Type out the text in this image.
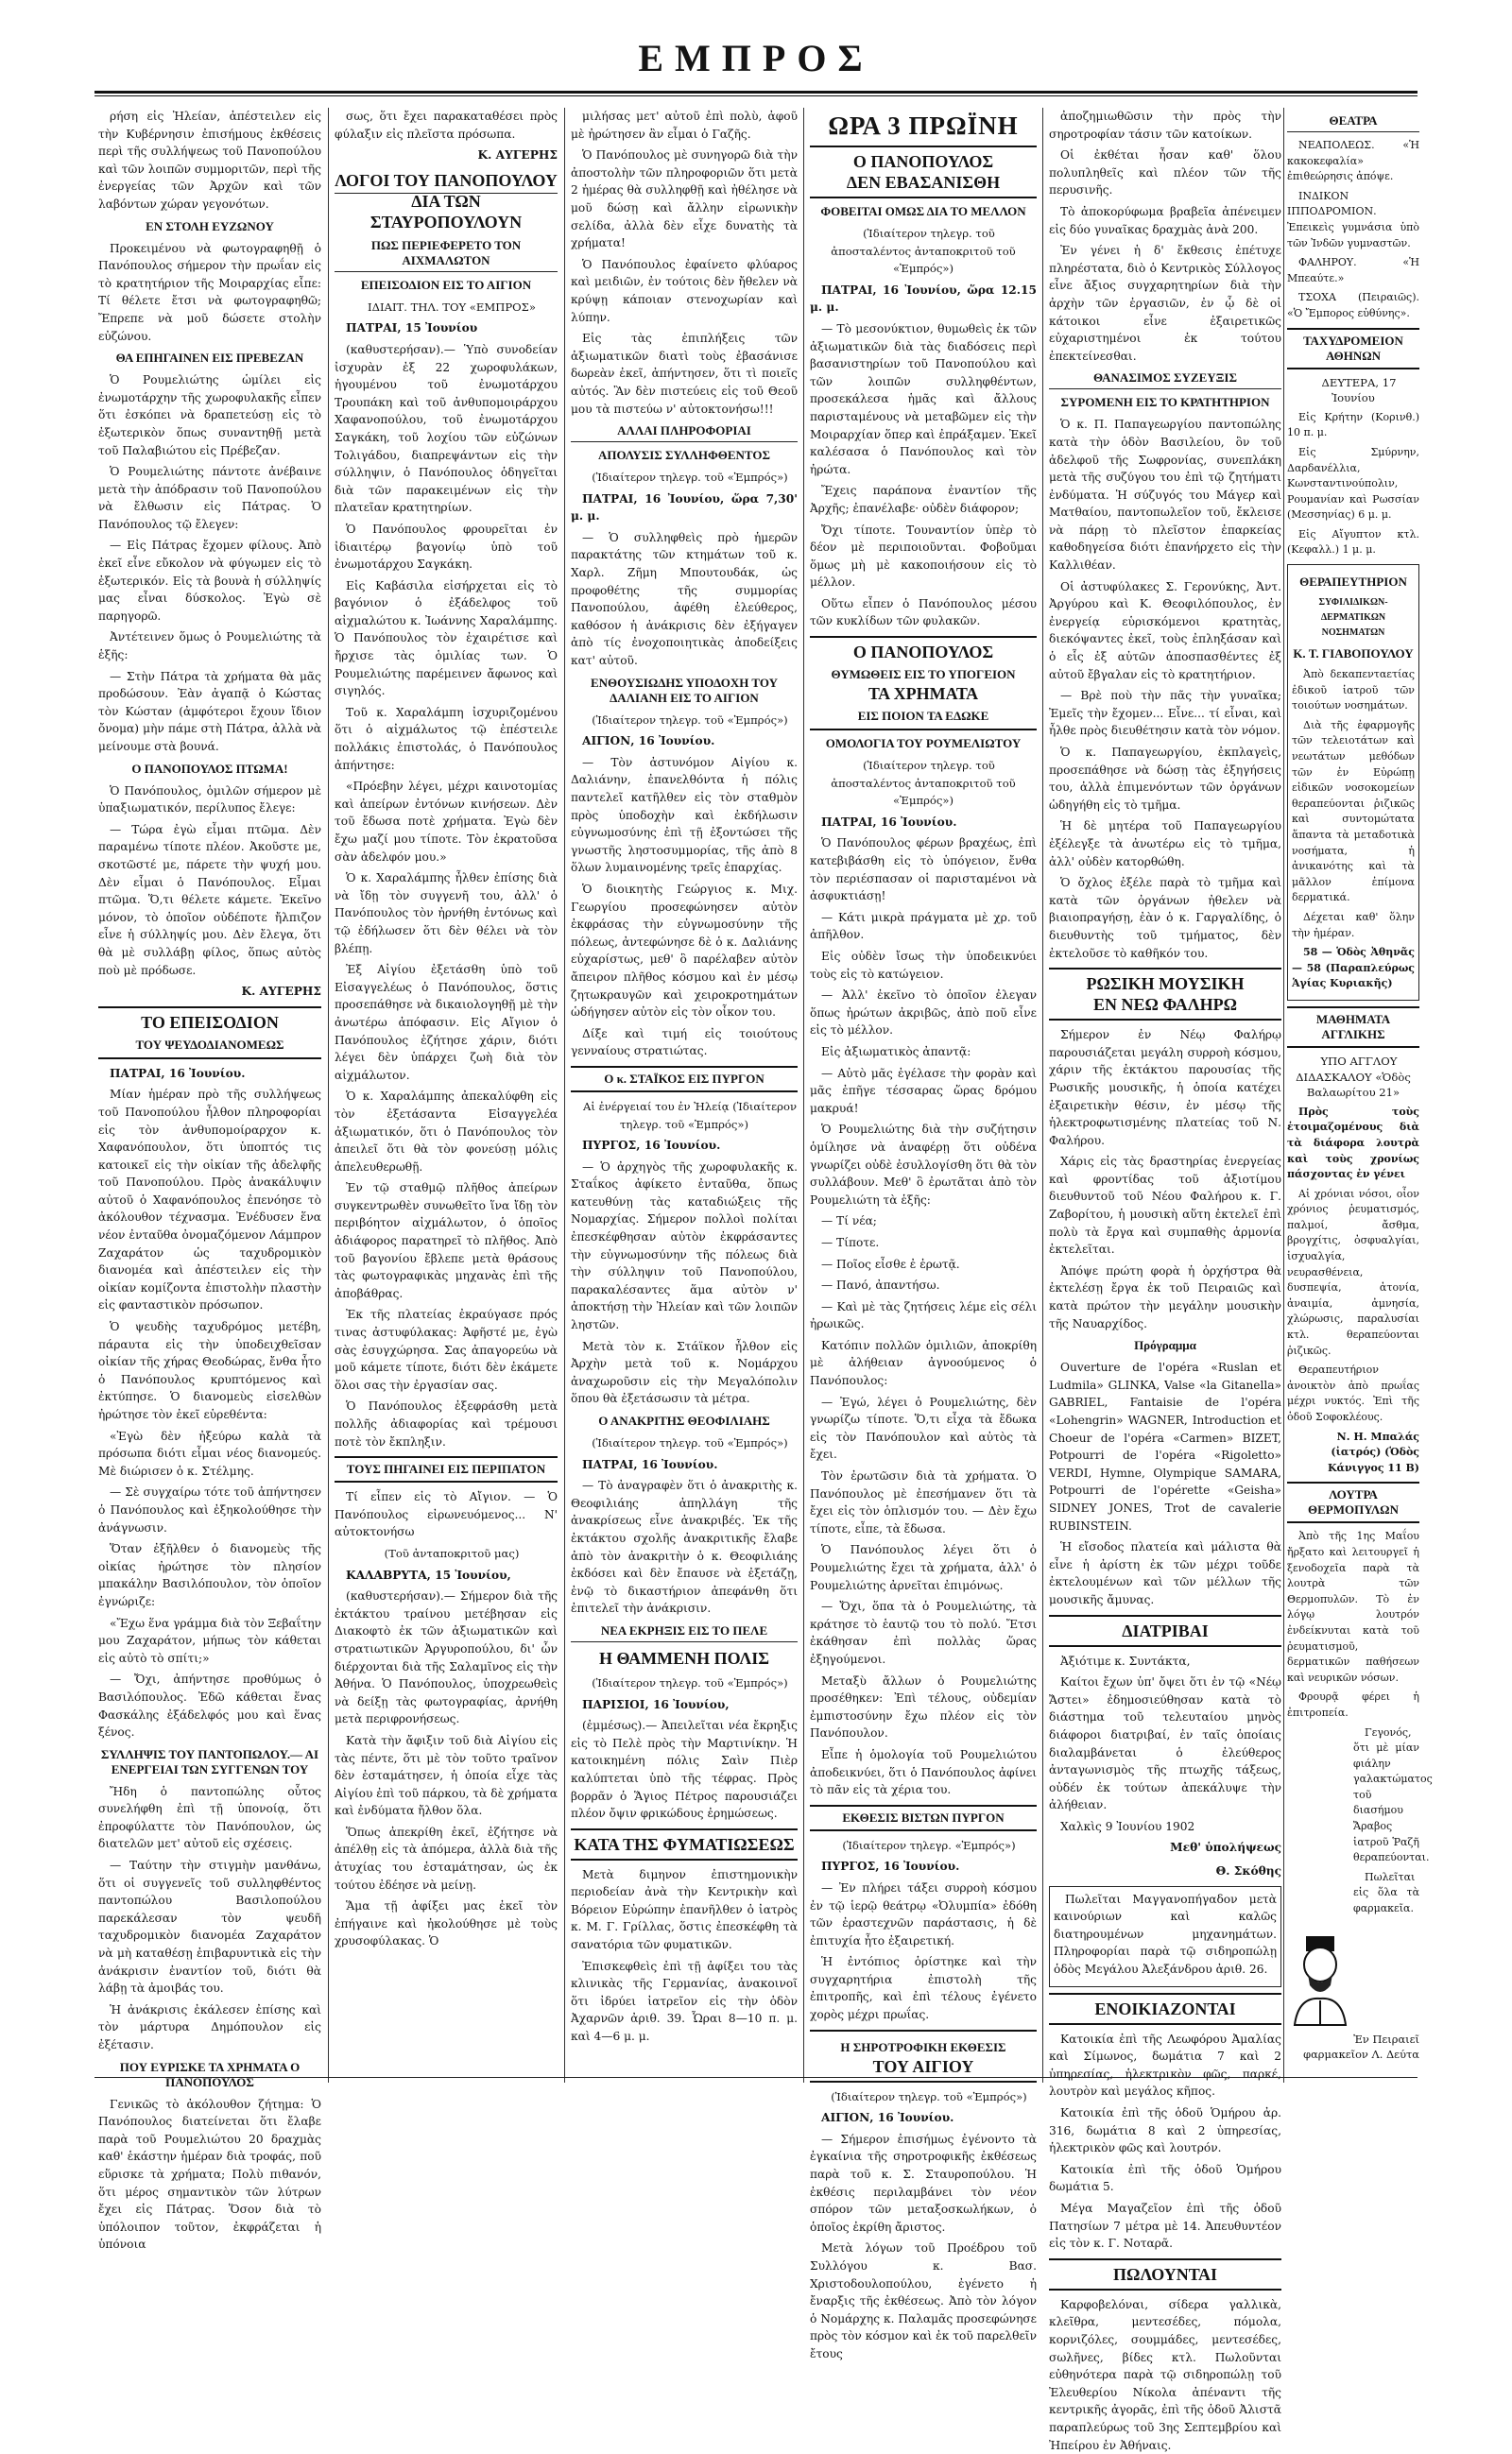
ΕΜΠΡΟΣ

ρήση εἰς Ἠλείαν, ἀπέστειλεν εἰς τὴν Κυβέρνησιν ἐπισήμους ἐκθέσεις περὶ τῆς συλλήψεως τοῦ Πανοπούλου καὶ τῶν λοιπῶν συμμοριτῶν, περὶ τῆς ἐνεργείας τῶν Ἀρχῶν καὶ τῶν λαβόντων χώραν γεγονότων.

ΕΝ ΣΤΟΛΗ ΕΥΖΩΝΟΥ

Προκειμένου νὰ φωτογραφηθῇ ὁ Πανόπουλος σήμερον τὴν πρωΐαν εἰς τὸ κρατητήριον τῆς Μοιραρχίας εἶπε: Τί θέλετε ἔτσι νὰ φωτογραφηθῶ; Ἔπρεπε νὰ μοῦ δώσετε στολὴν εὐζώνου.

ΘΑ ΕΠΗΓΑΙΝΕΝ ΕΙΣ ΠΡΕΒΕΖΑΝ

Ὁ Ρουμελιώτης ὡμίλει εἰς ἐνωμοτάρχην τῆς χωροφυλακῆς εἶπεν ὅτι ἐσκόπει νὰ δραπετεύσῃ εἰς τὸ ἐξωτερικὸν ὅπως συναντηθῇ μετὰ τοῦ Παλαβιώτου εἰς Πρέβεζαν.

Ὁ Ρουμελιώτης πάντοτε ἀνέβαινε μετὰ τὴν ἀπόδρασιν τοῦ Πανοπούλου νὰ ἔλθωσιν εἰς Πάτρας. Ὁ Πανόπουλος τῷ ἔλεγεν:

— Εἰς Πάτρας ἔχομεν φίλους. Ἀπὸ ἐκεῖ εἶνε εὔκολον νὰ φύγωμεν εἰς τὸ ἐξωτερικόν. Εἰς τὰ βουνὰ ἡ σύλληψίς μας εἶναι δύσκολος. Ἐγὼ σὲ παρηγορῶ.

Ἀντέτεινεν ὅμως ὁ Ρουμελιώτης τὰ ἑξῆς:

— Στὴν Πάτρα τὰ χρήματα θὰ μᾶς προδώσουν. Ἐὰν ἀγαπᾷ ὁ Κώστας τὸν Κώσταν (ἀμφότεροι ἔχουν ἴδιον ὄνομα) μὴν πάμε στὴ Πάτρα, ἀλλὰ νὰ μείνουμε στὰ βουνά.

Ο ΠΑΝΟΠΟΥΛΟΣ ΠΤΩΜΑ!

Ὁ Πανόπουλος, ὁμιλῶν σήμερον μὲ ὑπαξιωματικόν, περίλυπος ἔλεγε:

— Τώρα ἐγὼ εἶμαι πτῶμα. Δὲν παραμένω τίποτε πλέον. Ἀκοῦστε με, σκοτῶστέ με, πάρετε τὴν ψυχή μου. Δὲν εἶμαι ὁ Πανόπουλος. Εἶμαι πτῶμα. Ὅ,τι θέλετε κάμετε. Ἐκεῖνο μόνον, τὸ ὁποῖον οὐδέποτε ἤλπιζον εἶνε ἡ σύλληψίς μου. Δὲν ἔλεγα, ὅτι θὰ μὲ συλλάβῃ φίλος, ὅπως αὐτὸς ποὺ μὲ πρόδωσε.

Κ. ΑΥΓΕΡΗΣ

ΤΟ ΕΠΕΙΣΟΔΙΟΝ
ΤΟΥ ΨΕΥΔΟΔΙΑΝΟΜΕΩΣ

ΠΑΤΡΑΙ, 16 Ἰουνίου.

Μίαν ἡμέραν πρὸ τῆς συλλήψεως τοῦ Πανοπούλου ἦλθον πληροφορίαι εἰς τὸν ἀνθυπομοίραρχον κ. Χαφανόπουλον, ὅτι ὑποπτός τις κατοικεῖ εἰς τὴν οἰκίαν τῆς ἀδελφῆς τοῦ Πανοπούλου. Πρὸς ἀνακάλυψιν αὐτοῦ ὁ Χαφανόπουλος ἐπενόησε τὸ ἀκόλουθον τέχνασμα. Ἐνέδυσεν ἕνα νέον ἐνταῦθα ὀνομαζόμενον Λάμπρον Ζαχαράτον ὡς ταχυδρομικὸν διανομέα καὶ ἀπέστειλεν εἰς τὴν οἰκίαν κομίζοντα ἐπιστολὴν πλαστὴν εἰς φανταστικὸν πρόσωπον.

Ὁ ψευδὴς ταχυδρόμος μετέβη, πάραυτα εἰς τὴν ὑποδειχθεῖσαν οἰκίαν τῆς χήρας Θεοδώρας, ἔνθα ἦτο ὁ Πανόπουλος κρυπτόμενος καὶ ἐκτύπησε. Ὁ διανομεὺς εἰσελθὼν ἠρώτησε τὸν ἐκεῖ εὑρεθέντα:

«Ἐγὼ δὲν ἠξεύρω καλὰ τὰ πρόσωπα διότι εἶμαι νέος διανομεύς. Μὲ διώρισεν ὁ κ. Στέλμης.

— Σὲ συγχαίρω τότε τοῦ ἀπήντησεν ὁ Πανόπουλος καὶ ἐξηκολούθησε τὴν ἀνάγνωσιν.

Ὅταν ἐξῆλθεν ὁ διανομεὺς τῆς οἰκίας ἠρώτησε τὸν πλησίον μπακάλην Βασιλόπουλον, τὸν ὁποῖον ἐγνώριζε:

«Ἔχω ἕνα γράμμα διὰ τὸν Ξεβαΐτην μου Ζαχαράτον, μήπως τὸν κάθεται εἰς αὐτὸ τὸ σπίτι;»

— Ὄχι, ἀπήντησε προθύμως ὁ Βασιλόπουλος. Ἐδῶ κάθεται ἕνας Φασκάλης ἐξάδελφός μου καὶ ἕνας ξένος.

ΣΥΛΛΗΨΙΣ ΤΟΥ ΠΑΝΤΟΠΩΛΟΥ.— ΑΙ ΕΝΕΡΓΕΙΑΙ ΤΩΝ ΣΥΓΓΕΝΩΝ ΤΟΥ

Ἤδη ὁ παντοπώλης οὗτος συνελήφθη ἐπὶ τῇ ὑπονοίᾳ, ὅτι ἐπροφύλαττε τὸν Πανόπουλον, ὡς διατελῶν μετ' αὐτοῦ εἰς σχέσεις.

— Ταύτην τὴν στιγμὴν μανθάνω, ὅτι οἱ συγγενεῖς τοῦ συλληφθέντος παντοπώλου Βασιλοπούλου παρεκάλεσαν τὸν ψευδῆ ταχυδρομικὸν διανομέα Ζαχαράτον νὰ μὴ καταθέσῃ ἐπιβαρυντικὰ εἰς τὴν ἀνάκρισιν ἐναντίον τοῦ, διότι θὰ λάβῃ τὰ ἀμοιβάς του.

Ἡ ἀνάκρισις ἐκάλεσεν ἐπίσης καὶ τὸν μάρτυρα Δημόπουλον εἰς ἐξέτασιν.

ΠΟΥ ΕΥΡΙΣΚΕ ΤΑ ΧΡΗΜΑΤΑ Ο ΠΑΝΟΠΟΥΛΟΣ

Γενικῶς τὸ ἀκόλουθον ζήτημα: Ὁ Πανόπουλος διατείνεται ὅτι ἔλαβε παρὰ τοῦ Ρουμελιώτου 20 δραχμὰς καθ' ἑκάστην ἡμέραν διὰ τροφάς, ποῦ εὕρισκε τὰ χρήματα; Πολὺ πιθανόν, ὅτι μέρος σημαντικὸν τῶν λύτρων ἔχει εἰς Πάτρας. Ὅσον διὰ τὸ ὑπόλοιπον τοῦτον, ἐκφράζεται ἡ ὑπόνοια

σως, ὅτι ἔχει παρακαταθέσει πρὸς φύλαξιν εἰς πλεῖστα πρόσωπα.

Κ. ΑΥΓΕΡΗΣ

ΛΟΓΟΙ ΤΟΥ ΠΑΝΟΠΟΥΛΟΥ
ΔΙΑ ΤΩΝ ΣΤΑΥΡΟΠΟΥΛΟΥΝ
ΠΩΣ ΠΕΡΙΕΦΕΡΕΤΟ ΤΟΝ ΑΙΧΜΑΛΩΤΟΝ
ΕΠΕΙΣΟΔΙΟΝ ΕΙΣ ΤΟ ΑΙΓΙΟΝ

ΙΔΙΑΙΤ. ΤΗΛ. ΤΟΥ «ΕΜΠΡΟΣ»

ΠΑΤΡΑΙ, 15 Ἰουνίου

(καθυστερήσαν).— Ὑπὸ συνοδείαν ἰσχυρὰν ἐξ 22 χωροφυλάκων, ἡγουμένου τοῦ ἐνωμοτάρχου Τρουπάκη καὶ τοῦ ἀνθυπομοιράρχου Χαφανοπούλου, τοῦ ἐνωμοτάρχου Σαγκάκη, τοῦ λοχίου τῶν εὐζώνων Τολιγάδου, διαπρεψάντων εἰς τὴν σύλληψιν, ὁ Πανόπουλος ὁδηγεῖται διὰ τῶν παρακειμένων εἰς τὴν πλατεῖαν κρατητηρίων.

Ὁ Πανόπουλος φρουρεῖται ἐν ἰδιαιτέρῳ βαγονίῳ ὑπὸ τοῦ ἐνωμοτάρχου Σαγκάκη.

Εἰς Καβάσιλα εἰσήρχεται εἰς τὸ βαγόνιον ὁ ἐξάδελφος τοῦ αἰχμαλώτου κ. Ἰωάννης Χαραλάμπης. Ὁ Πανόπουλος τὸν ἐχαιρέτισε καὶ ἤρχισε τὰς ὁμιλίας των. Ὁ Ρουμελιώτης παρέμεινεν ἄφωνος καὶ σιγηλός.

Τοῦ κ. Χαραλάμπη ἰσχυριζομένου ὅτι ὁ αἰχμάλωτος τῷ ἐπέστειλε πολλάκις ἐπιστολάς, ὁ Πανόπουλος ἀπήντησε:

«Πρόεβην λέγει, μέχρι καινοτομίας καὶ ἀπείρων ἐντόνων κινήσεων. Δὲν τοῦ ἔδωσα ποτὲ χρήματα. Ἐγὼ δὲν ἔχω μαζί μου τίποτε. Τὸν ἐκρατοῦσα σὰν ἀδελφόν μου.»

Ὁ κ. Χαραλάμπης ἦλθεν ἐπίσης διὰ νὰ ἴδῃ τὸν συγγενῆ του, ἀλλ' ὁ Πανόπουλος τὸν ἠρνήθη ἐντόνως καὶ τῷ ἐδήλωσεν ὅτι δὲν θέλει νὰ τὸν βλέπῃ.

Ἐξ Αἰγίου ἐξετάσθη ὑπὸ τοῦ Εἰσαγγελέως ὁ Πανόπουλος, ὅστις προσεπάθησε νὰ δικαιολογηθῇ μὲ τὴν ἀνωτέρω ἀπόφασιν. Εἰς Αἴγιον ὁ Πανόπουλος ἐζήτησε χάριν, διότι λέγει δὲν ὑπάρχει ζωὴ διὰ τὸν αἰχμάλωτον.

Ὁ κ. Χαραλάμπης ἀπεκαλύφθη εἰς τὸν ἐξετάσαντα Εἰσαγγελέα ἀξιωματικόν, ὅτι ὁ Πανόπουλος τὸν ἀπειλεῖ ὅτι θὰ τὸν φονεύσῃ μόλις ἀπελευθερωθῇ.

Ἐν τῷ σταθμῷ πλῆθος ἀπείρων συγκεντρωθὲν συνωθεῖτο ἵνα ἴδῃ τὸν περιβόητον αἰχμάλωτον, ὁ ὁποῖος ἀδιάφορος παρατηρεῖ τὸ πλῆθος. Ἀπὸ τοῦ βαγονίου ἔβλεπε μετὰ θράσους τὰς φωτογραφικὰς μηχανὰς ἐπὶ τῆς ἀποβάθρας.

Ἐκ τῆς πλατείας ἐκραύγασε πρός τινας ἀστυφύλακας: Ἀφῆστέ με, ἐγὼ σὰς ἐσυγχώρησα. Σας ἀπαγορεύω νὰ μοῦ κάμετε τίποτε, διότι δὲν ἐκάμετε ὅλοι σας τὴν ἐργασίαν σας.

Ὁ Πανόπουλος ἐξεφράσθη μετὰ πολλῆς ἀδιαφορίας καὶ τρέμουσι ποτὲ τὸν ἔκπληξιν.

ΤΟΥΣ ΠΗΓΑΙΝΕΙ ΕΙΣ ΠΕΡΙΠΑΤΟΝ

Τί εἶπεν εἰς τὸ Αἴγιον. — Ὁ Πανόπουλος εἰρωνευόμενος... Ν' αὐτοκτονήσω

(Τοῦ ἀνταποκριτοῦ μας)

ΚΑΛΑΒΡΥΤΑ, 15 Ἰουνίου,

(καθυστερήσαν).— Σήμερον διὰ τῆς ἐκτάκτου τραίνου μετέβησαν εἰς Διακοφτὸ ἐκ τῶν ἀξιωματικῶν καὶ στρατιωτικῶν Ἀργυροπούλου, δι' ὧν διέρχονται διὰ τῆς Σαλαμῖνος εἰς τὴν Ἀθήνα. Ὁ Πανόπουλος, ὑποχρεωθεὶς νὰ δείξῃ τὰς φωτογραφίας, ἀρνήθη μετὰ περιφρονήσεως.

Κατὰ τὴν ἄφιξιν τοῦ διὰ Αἰγίου εἰς τὰς πέντε, ὅτι μὲ τὸν τοῦτο τραῖνον δὲν ἐσταμάτησεν, ἡ ὁποία εἶχε τὰς Αἰγίου ἐπὶ τοῦ πάρκου, τὰ δὲ χρήματα καὶ ἐνδύματα ἤλθον ὅλα.

Ὅπως ἀπεκρίθη ἐκεῖ, ἐζήτησε νὰ ἀπέλθῃ εἰς τὰ ἀπόμερα, ἀλλὰ διὰ τῆς ἀτυχίας του ἐσταμάτησαν, ὡς ἐκ τούτου ἐδέησε νὰ μείνῃ.

Ἅμα τῇ ἀφίξει μας ἐκεῖ τὸν ἐπήγαινε καὶ ἠκολούθησε μὲ τοὺς χρυσοφύλακας. Ὁ

μιλήσας μετ' αὐτοῦ ἐπὶ πολὺ, ἀφοῦ μὲ ἠρώτησεν ἂν εἶμαι ὁ Γαζῆς.

Ὁ Πανόπουλος μὲ συνηγορῶ διὰ τὴν ἀποστολὴν τῶν πληροφοριῶν ὅτι μετὰ 2 ἡμέρας θὰ συλληφθῇ καὶ ἠθέλησε νὰ μοῦ δώσῃ καὶ ἄλλην εἰρωνικὴν σελίδα, ἀλλὰ δὲν εἶχε δυνατὴς τὰ χρήματα!

Ὁ Πανόπουλος ἐφαίνετο φλύαρος καὶ μειδιῶν, ἐν τούτοις δὲν ἤθελεν νὰ κρύψῃ κάποιαν στενοχωρίαν καὶ λύπην.

Εἰς τὰς ἐπιπλήξεις τῶν ἀξιωματικῶν διατὶ τοὺς ἐβασάνισε δωρεὰν ἐκεῖ, ἀπήντησεν, ὅτι τὶ ποιεῖς αὐτός. Ἂν δὲν πιστεύεις εἰς τοῦ Θεοῦ μου τὰ πιστεύω ν' αὐτοκτονήσω!!!

ΑΛΛΑΙ ΠΛΗΡΟΦΟΡΙΑΙ
ΑΠΟΛΥΣΙΣ ΣΥΛΛΗΦΘΕΝΤΟΣ

(Ἰδιαίτερον τηλεγρ. τοῦ «Ἐμπρός»)

ΠΑΤΡΑΙ, 16 Ἰουνίου, ὥρα 7,30' μ. μ.

— Ὁ συλληφθεὶς πρὸ ἡμερῶν παρακτάτης τῶν κτημάτων τοῦ κ. Χαρλ. Ζῆμη Μπουτουδάκ, ὡς προφοθέτης τῆς συμμορίας Πανοπούλου, ἀφέθη ἐλεύθερος, καθόσον ἡ ἀνάκρισις δὲν ἐξήγαγεν ἀπὸ τίς ἐνοχοποιητικὰς ἀποδείξεις κατ' αὐτοῦ.

ΕΝΘΟΥΣΙΩΔΗΣ ΥΠΟΔΟΧΗ ΤΟΥ ΔΑΛΙΑΝΗ ΕΙΣ ΤΟ ΑΙΓΙΟΝ

(Ἰδιαίτερον τηλεγρ. τοῦ «Ἐμπρός»)

ΑΙΓΙΟΝ, 16 Ἰουνίου.

— Τὸν ἀστυνόμον Αἰγίου κ. Δαλιάνην, ἐπανελθόντα ἡ πόλις παντελεῖ κατῆλθεν εἰς τὸν σταθμὸν πρὸς ὑποδοχὴν καὶ ἐκδήλωσιν εὐγνωμοσύνης ἐπὶ τῇ ἐξοντώσει τῆς γνωστῆς ληστοσυμμορίας, τῆς ἀπὸ 8 ὅλων λυμαινομένης τρεῖς ἐπαρχίας.

Ὁ διοικητὴς Γεώργιος κ. Μιχ. Γεωργίου προσεφώνησεν αὐτὸν ἐκφράσας τὴν εὐγνωμοσύνην τῆς πόλεως, ἀντεφώνησε δὲ ὁ κ. Δαλιάνης εὐχαρίστως, μεθ' ὃ παρέλαβεν αὐτὸν ἄπειρον πλῆθος κόσμου καὶ ἐν μέσῳ ζητωκραυγῶν καὶ χειροκροτημάτων ὡδήγησεν αὐτὸν εἰς τὸν οἶκον του.

Δίξε καὶ τιμή εἰς τοιούτους γενναίους στρατιώτας.

Ο κ. ΣΤΑΪΚΟΣ ΕΙΣ ΠΥΡΓΟΝ

Αἱ ἐνέργειαί του ἐν Ἠλείᾳ (Ἰδιαίτερον τηλεγρ. τοῦ «Ἐμπρός»)

ΠΥΡΓΟΣ, 16 Ἰουνίου.

— Ὁ ἀρχηγὸς τῆς χωροφυλακῆς κ. Σταΐκος ἀφίκετο ἐνταῦθα, ὅπως κατευθύνῃ τὰς καταδιώξεις τῆς Νομαρχίας. Σήμερον πολλοὶ πολίται ἐπεσκέφθησαν αὐτὸν ἐκφράσαντες τὴν εὐγνωμοσύνην τῆς πόλεως διὰ τὴν σύλληψιν τοῦ Πανοπούλου, παρακαλέσαντες ἅμα αὐτὸν ν' ἀποκτήσῃ τὴν Ἠλείαν καὶ τῶν λοιπῶν ληστῶν.

Μετὰ τὸν κ. Στάϊκον ἦλθον εἰς Ἀρχὴν μετὰ τοῦ κ. Νομάρχου ἀναχωροῦσιν εἰς τὴν Μεγαλόπολιν ὅπου θὰ ἐξετάσωσιν τὰ μέτρα.

Ο ΑΝΑΚΡΙΤΗΣ ΘΕΟΦΙΛΙΑΗΣ

(Ἰδιαίτερον τηλεγρ. τοῦ «Ἐμπρός»)

ΠΑΤΡΑΙ, 16 Ἰουνίου.

— Τὸ ἀναγραφὲν ὅτι ὁ ἀνακριτὴς κ. Θεοφιλιάης ἀπηλλάγη τῆς ἀνακρίσεως εἶνε ἀνακριβές. Ἐκ τῆς ἐκτάκτου σχολῆς ἀνακριτικῆς ἔλαβε ἀπὸ τὸν ἀνακριτὴν ὁ κ. Θεοφιλιάης ἐκδόσει καὶ δὲν ἔπαυσε νὰ ἐξετάζῃ, ἐνῷ τὸ δικαστήριον ἀπεφάνθη ὅτι ἐπιτελεῖ τὴν ἀνάκρισιν.

ΝΕΑ ΕΚΡΗΞΙΣ ΕΙΣ ΤΟ ΠΕΛΕ
Η ΘΑΜΜΕΝΗ ΠΟΛΙΣ

(Ἰδιαίτερον τηλεγρ. τοῦ «Ἐμπρός»)

ΠΑΡΙΣΙΟΙ, 16 Ἰουνίου,

(ἐμμέσως).— Ἀπειλεῖται νέα ἔκρηξις εἰς τὸ Πελὲ πρὸς τὴν Μαρτινίκην. Ἡ κατοικημένη πόλις Σαὶν Πιὲρ καλύπτεται ὑπὸ τῆς τέφρας. Πρὸς βορρᾶν ὁ Ἅγιος Πέτρος παρουσιάζει πλέον ὄψιν φρικώδους ἐρημώσεως.

ΚΑΤΑ ΤΗΣ ΦΥΜΑΤΙΩΣΕΩΣ

Μετὰ διμηνον ἐπιστημονικὴν περιοδείαν ἀνὰ τὴν Κεντρικὴν καὶ Βόρειον Εὐρώπην ἐπανῆλθεν ὁ ἰατρὸς κ. Μ. Γ. Γρίλλας, ὅστις ἐπεσκέφθη τὰ σανατόρια τῶν φυματικῶν.

Ἐπισκεφθεὶς ἐπὶ τῇ ἀφίξει του τὰς κλινικὰς τῆς Γερμανίας, ἀνακοινοῖ ὅτι ἰδρύει ἰατρεῖον εἰς τὴν ὁδὸν Ἀχαρνῶν ἀριθ. 39. Ὧραι 8—10 π. μ. καὶ 4—6 μ. μ.

ΩΡΑ 3 ΠΡΩΪΝΗ
Ο ΠΑΝΟΠΟΥΛΟΣ
ΔΕΝ ΕΒΑΣΑΝΙΣΘΗ
ΦΟΒΕΙΤΑΙ ΟΜΩΣ ΔΙΑ ΤΟ ΜΕΛΛΟΝ

(Ἰδιαίτερον τηλεγρ. τοῦ ἀποσταλέντος ἀνταποκριτοῦ τοῦ «Ἐμπρός»)

ΠΑΤΡΑΙ, 16 Ἰουνίου, ὥρα 12.15 μ. μ.

— Τὸ μεσονύκτιον, θυμωθεὶς ἐκ τῶν ἀξιωματικῶν διὰ τὰς διαδόσεις περὶ βασανιστηρίων τοῦ Πανοπούλου καὶ τῶν λοιπῶν συλληφθέντων, προσεκάλεσα ἡμᾶς καὶ ἄλλους παρισταμένους νὰ μεταβῶμεν εἰς τὴν Μοιραρχίαν ὅπερ καὶ ἐπράξαμεν. Ἐκεῖ καλέσασα ὁ Πανόπουλος καὶ τὸν ἠρώτα.

Ἔχεις παράπονα ἐναντίον τῆς Ἀρχῆς; ἐπανέλαβε· οὐδὲν διάφορον;

Ὄχι τίποτε. Τουναντίον ὑπὲρ τὸ δέον μὲ περιποιοῦνται. Φοβοῦμαι ὅμως μὴ μὲ κακοποιήσουν εἰς τὸ μέλλον.

Οὕτω εἶπεν ὁ Πανόπουλος μέσου τῶν κυκλίδων τῶν φυλακῶν.

Ο ΠΑΝΟΠΟΥΛΟΣ
ΘΥΜΩΘΕΙΣ ΕΙΣ ΤΟ ΥΠΟΓΕΙΟΝ
ΤΑ ΧΡΗΜΑΤΑ
ΕΙΣ ΠΟΙΟΝ ΤΑ ΕΔΩΚΕ
ΟΜΟΛΟΓΙΑ ΤΟΥ ΡΟΥΜΕΛΙΩΤΟΥ

(Ἰδιαίτερον τηλεγρ. τοῦ ἀποσταλέντος ἀνταποκριτοῦ τοῦ «Ἐμπρός»)

ΠΑΤΡΑΙ, 16 Ἰουνίου.

Ὁ Πανόπουλος φέρων βραχέως, ἐπὶ κατεβιβάσθη εἰς τὸ ὑπόγειον, ἔνθα τὸν περιέσπασαν οἱ παρισταμένοι νὰ ἀσφυκτιάσῃ!

— Κάτι μικρὰ πράγματα μὲ χρ. τοῦ ἀπῆλθον.

Εἰς οὐδὲν ἴσως τὴν ὑποδεικνύει τοὺς εἰς τὸ κατώγειον.

— Ἀλλ' ἐκεῖνο τὸ ὁποῖον ἐλεγαν ὅπως ἠρώτων ἀκριβῶς, ἀπὸ ποῦ εἶνε εἰς τὸ μέλλον.

Εἰς ἀξιωματικὸς ἀπαντᾷ:

— Αὐτὸ μᾶς ἐγέλασε τὴν φορὰν καὶ μᾶς ἐπῆγε τέσσαρας ὥρας δρόμου μακρυά!

Ὁ Ρουμελιώτης διὰ τὴν συζήτησιν ὁμίλησε νὰ ἀναφέρῃ ὅτι οὐδένα γνωρίζει οὐδὲ ἐσυλλογίσθη ὅτι θὰ τὸν συλλάβουν. Μεθ' ὃ ἐρωτᾶται ἀπὸ τὸν Ρουμελιώτη τὰ ἑξῆς:

— Τί νέα;

— Τίποτε.

— Ποῖος εἶσθε ἐ ἐρωτᾷ.

— Πανό, ἀπαντήσω.

— Καὶ μὲ τὰς ζητήσεις λέμε εἰς σέλι ἠρωικῶς.

Κατόπιν πολλῶν ὁμιλιῶν, ἀποκρίθη μὲ ἀλήθειαν ἀγνοούμενος ὁ Πανόπουλος:

— Ἐγώ, λέγει ὁ Ρουμελιώτης, δὲν γνωρίζω τίποτε. Ὅ,τι εἶχα τὰ ἔδωκα εἰς τὸν Πανόπουλον καὶ αὐτὸς τὰ ἔχει.

Τὸν ἐρωτῶσιν διὰ τὰ χρήματα. Ὁ Πανόπουλος μὲ ἐπεσήμανεν ὅτι τὰ ἔχει εἰς τὸν ὁπλισμόν του. — Δὲν ἔχω τίποτε, εἶπε, τὰ ἔδωσα.

Ὁ Πανόπουλος λέγει ὅτι ὁ Ρουμελιώτης ἔχει τὰ χρήματα, ἀλλ' ὁ Ρουμελιώτης ἀρνεῖται ἐπιμόνως.

— Ὄχι, ὅπα τὰ ὁ Ρουμελιώτης, τὰ κράτησε τὸ ἑαυτῷ του τὸ πολύ. Ἔτσι ἐκάθησαν ἐπὶ πολλὰς ὥρας ἐξηγούμενοι.

Μεταξὺ ἄλλων ὁ Ρουμελιώτης προσέθηκεν: Ἐπὶ τέλους, οὐδεμίαν ἐμπιστοσύνην ἔχω πλέον εἰς τὸν Πανόπουλον.

Εἶπε ἡ ὁμολογία τοῦ Ρουμελιώτου ἀποδεικνύει, ὅτι ὁ Πανόπουλος ἀφίνει τὸ πᾶν εἰς τὰ χέρια του.

ΕΚΘΕΣΙΣ ΒΙΣΤΩΝ ΠΥΡΓΟΝ

(Ἰδιαίτερον τηλεγρ. «Ἐμπρός»)

ΠΥΡΓΟΣ, 16 Ἰουνίου.

— Ἐν πλήρει τάξει συρροὴ κόσμου ἐν τῷ ἱερῷ θεάτρῳ «Ὀλυμπία» ἐδόθη τῶν ἐραστεχνῶν παράστασις, ἡ δὲ ἐπιτυχία ἦτο ἐξαιρετική.

Ἡ ἐντόπιος ὁρίστηκε καὶ τὴν συγχαρητήρια ἐπιστολὴ τῆς ἐπιτροπῆς, καὶ ἐπὶ τέλους ἐγένετο χορὸς μέχρι πρωΐας.

Η ΣΗΡΟΤΡΟΦΙΚΗ ΕΚΘΕΣΙΣ
ΤΟΥ ΑΙΓΙΟΥ

(Ἰδιαίτερον τηλεγρ. τοῦ «Ἐμπρός»)

ΑΙΓΙΟΝ, 16 Ἰουνίου.

— Σήμερον ἐπισήμως ἐγένοντο τὰ ἐγκαίνια τῆς σηροτροφικῆς ἐκθέσεως παρὰ τοῦ κ. Σ. Σταυροπούλου. Ἡ ἐκθέσις περιλαμβάνει τὸν νέον σπόρον τῶν μεταξοσκωλήκων, ὁ ὁποῖος ἐκρίθη ἄριστος.

Μετὰ λόγων τοῦ Προέδρου τοῦ Συλλόγου κ. Βασ. Χριστοδουλοπούλου, ἐγένετο ἡ ἔναρξις τῆς ἐκθέσεως. Ἀπὸ τὸν λόγον ὁ Νομάρχης κ. Παλαμᾶς προσεφώνησε πρὸς τὸν κόσμον καὶ ἐκ τοῦ παρελθεῖν ἔτους

ἀποζημιωθῶσιν τὴν πρὸς τὴν σηροτροφίαν τάσιν τῶν κατοίκων.

Οἱ ἐκθέται ἦσαν καθ' ὅλου πολυπληθεῖς καὶ πλέον τῶν τῆς περυσινῆς.

Τὸ ἀποκορύφωμα βραβεῖα ἀπένειμεν εἰς δύο γυναῖκας δραχμὰς ἀνὰ 200.

Ἐν γένει ἡ δ' ἔκθεσις ἐπέτυχε πληρέστατα, διὸ ὁ Κεντρικὸς Σύλλογος εἶνε ἄξιος συγχαρητηρίων διὰ τὴν ἀρχὴν τῶν ἐργασιῶν, ἐν ᾧ δὲ οἱ κάτοικοι εἶνε ἐξαιρετικῶς εὐχαριστημένοι ἐκ τούτου ἐπεκτείνεσθαι.

ΘΑΝΑΣΙΜΟΣ ΣΥΖΕΥΞΙΣ
ΣΥΡΟΜΕΝΗ ΕΙΣ ΤΟ ΚΡΑΤΗΤΗΡΙΟΝ

Ὁ κ. Π. Παπαγεωργίου παντοπώλης κατὰ τὴν ὁδὸν Βασιλείου, ὃν τοῦ ἀδελφοῦ τῆς Σωφρονίας, συνεπλάκη μετὰ τῆς συζύγου του ἐπὶ τῷ ζητήματι ἐνδύματα. Ἡ σύζυγός του Μάγερ καὶ Ματθαίου, παντοπωλεῖον τοῦ, ἔκλεισε νὰ πάρῃ τὸ πλεῖστον ἐπαρκείας καθοδηγείσα διότι ἐπανήρχετο εἰς τὴν Καλλιθέαν.

Οἱ ἀστυφύλακες Σ. Γερονύκης, Ἀντ. Ἀργύρου καὶ Κ. Θεοφιλόπουλος, ἐν ἐνεργείᾳ εὑρισκόμενοι κρατητὰς, διεκόψαντες ἐκεῖ, τοὺς ἐπληξάσαν καὶ ὁ εἷς ἐξ αὐτῶν ἀποσπασθέντες ἐξ αὐτοῦ ἔβγαλαν εἰς τὸ κρατητήριον.

— Βρὲ ποὺ τὴν πᾶς τὴν γυναῖκα; Ἐμεῖς τὴν ἔχομεν... Εἶνε... τί εἶναι, καὶ ἦλθε πρὸς διευθέτησιν κατὰ τὸν νόμον.

Ὁ κ. Παπαγεωργίου, ἐκπλαγεὶς, προσεπάθησε νὰ δώσῃ τὰς ἐξηγήσεις του, ἀλλὰ ἐπιμενόντων τῶν ὀργάνων ὡδηγήθη εἰς τὸ τμῆμα.

Ἡ δὲ μητέρα τοῦ Παπαγεωργίου ἐξέλεγξε τὰ ἀνωτέρω εἰς τὸ τμῆμα, ἀλλ' οὐδὲν κατορθώθη.

Ὁ ὄχλος ἐξέλε παρὰ τὸ τμῆμα καὶ κατὰ τῶν ὀργάνων ἠθελεν νὰ βιαιοπραγήσῃ, ἐὰν ὁ κ. Γαργαλίδης, ὁ διευθυντὴς τοῦ τμήματος, δὲν ἐκτελοῦσε τὸ καθῆκόν του.

ΡΩΣΙΚΗ ΜΟΥΣΙΚΗ
ΕΝ ΝΕΩ ΦΑΛΗΡΩ

Σήμερον ἐν Νέῳ Φαλήρῳ παρουσιάζεται μεγάλη συρροὴ κόσμου, χάριν τῆς ἐκτάκτου παρουσίας τῆς Ρωσικῆς μουσικῆς, ἡ ὁποία κατέχει ἐξαιρετικὴν θέσιν, ἐν μέσῳ τῆς ἡλεκτροφωτισμένης πλατείας τοῦ Ν. Φαλήρου.

Χάρις εἰς τὰς δραστηρίας ἐνεργείας καὶ φροντίδας τοῦ ἀξιοτίμου διευθυντοῦ τοῦ Νέου Φαλήρου κ. Γ. Ζαβορίτου, ἡ μουσικὴ αὕτη ἐκτελεῖ ἐπὶ πολὺ τὰ ἔργα καὶ συμπαθὴς ἀρμονία ἐκτελεῖται.

Ἀπόψε πρώτη φορὰ ἡ ὀρχήστρα θὰ ἐκτελέσῃ ἔργα ἐκ τοῦ Πειραιῶς καὶ κατὰ πρώτον τὴν μεγάλην μουσικὴν τῆς Ναυαρχίδος.

Πρόγραμμα

Ouverture de l'opéra «Ruslan et Ludmila» GLINKA, Valse «la Gitanella» GABRIEL, Fantaisie de l'opéra «Lohengrin» WAGNER, Introduction et Choeur de l'opéra «Carmen» BIZET, Potpourri de l'opéra «Rigoletto» VERDI, Hymne, Olympique SAMARA, Potpourri de l'opérette «Geisha» SIDNEY JONES, Trot de cavalerie RUBINSTEIN.

Ἡ εἴσοδος πλατεία καὶ μάλιστα θὰ εἶνε ἡ ἀρίστη ἐκ τῶν μέχρι τοῦδε ἐκτελουμένων καὶ τῶν μέλλων τῆς μουσικῆς ἄμυνας.

ΔΙΑΤΡΙΒΑΙ

Ἀξιότιμε κ. Συντάκτα,

Καίτοι ἔχων ὑπ' ὄψει ὅτι ἐν τῷ «Νέῳ Ἄστει» ἐδημοσιεύθησαν κατὰ τὸ διάστημα τοῦ τελευταίου μηνὸς διάφοροι διατριβαί, ἐν ταῖς ὁποίαις διαλαμβάνεται ὁ ἐλεύθερος ἀνταγωνισμὸς τῆς πτωχῆς τάξεως, οὐδέν ἐκ τούτων ἀπεκάλυψε τὴν ἀλήθειαν.

Χαλκὶς 9 Ἰουνίου 1902

Μεθ' ὑπολήψεως

Θ. Σκόθης

Πωλεῖται Μαγγανοπήγαδον μετὰ καινούριων καὶ καλῶς διατηρουμένων μηχανημάτων. Πληροφορίαι παρὰ τῷ σιδηροπώλῃ ὁδὸς Μεγάλου Ἀλεξάνδρου ἀριθ. 26.

ΕΝΟΙΚΙΑΖΟΝΤΑΙ

Κατοικία ἐπὶ τῆς Λεωφόρου Ἀμαλίας καὶ Σίμωνος, δωμάτια 7 καὶ 2 ὑπηρεσίας, ἡλεκτρικὸν φῶς, παρκέ, λουτρὸν καὶ μεγάλος κῆπος.

Κατοικία ἐπὶ τῆς ὁδοῦ Ὁμήρου ἀρ. 316, δωμάτια 8 καὶ 2 ὑπηρεσίας, ἡλεκτρικὸν φῶς καὶ λουτρόν.

Κατοικία ἐπὶ τῆς ὁδοῦ Ὁμήρου δωμάτια 5.

Μέγα Μαγαζεῖον ἐπὶ τῆς ὁδοῦ Πατησίων 7 μέτρα μὲ 14. Ἀπευθυντέον εἰς τὸν κ. Γ. Νοταρᾶ.

ΠΩΛΟΥΝΤΑΙ

Καρφοβελόναι, σίδερα γαλλικὰ, κλεῖθρα, μεντεσέδες, πόμολα, κορνιζόλες, σουμμάδες, μεντεσέδες, σωλῆνες, βίδες κτλ. Πωλοῦνται εὐθηνότερα παρὰ τῷ σιδηροπώλῃ τοῦ Ἐλευθερίου Νίκολα ἀπέναντι τῆς κεντρικῆς ἀγορᾶς, ἐπὶ τῆς ὁδοῦ Ἀλιστᾶ παραπλεύρως τοῦ 3ης Σεπτεμβρίου καὶ Ἠπείρου ἐν Ἀθήναις.

ΘΕΑΤΡΑ

ΝΕΑΠΟΛΕΩΣ. «Ἡ κακοκεφαλία» ἐπιθεώρησις ἀπόψε.

ΙΝΔΙΚΟΝ ΙΠΠΟΔΡΟΜΙΟΝ. Ἐπεικεὶς γυμνάσια ὑπὸ τῶν Ἰνδῶν γυμναστῶν.

ΦΑΛΗΡΟΥ. «Ἡ Μπεαύτε.»

ΤΣΟΧΑ (Πειραιῶς). «Ὁ Ἔμπορος εὐθύνης».

ΤΑΧΥΔΡΟΜΕΙΟΝ ΑΘΗΝΩΝ

ΔΕΥΤΕΡΑ, 17 Ἰουνίου

Εἰς Κρήτην (Κορινθ.) 10 π. μ.

Εἰς Σμύρνην, Δαρδανέλλια, Κωνσταντινούπολιν, Ρουμανίαν καὶ Ρωσσίαν (Μεσσηνίας) 6 μ. μ.

Εἰς Αἴγυπτον κτλ. (Κεφαλλ.) 1 μ. μ.

ΘΕΡΑΠΕΥΤΗΡΙΟΝ
ΣΥΦΙΛΙΔΙΚΩΝ-ΔΕΡΜΑΤΙΚΩΝ ΝΟΣΗΜΑΤΩΝ
Κ. Τ. ΓΙΑΒΟΠΟΥΛΟΥ

Ἀπὸ δεκαπενταετίας ἐδικοῦ ἰατροῦ τῶν τοιούτων νοσημάτων.

Διὰ τῆς ἐφαρμογῆς τῶν τελειοτάτων καὶ νεωτάτων μεθόδων τῶν ἐν Εὐρώπῃ εἰδικῶν νοσοκομείων θεραπεύονται ῥιζικῶς καὶ συντομώτατα ἅπαντα τὰ μεταδοτικὰ νοσήματα, ἡ ἀνικανότης καὶ τὰ μᾶλλον ἐπίμονα δερματικά.

Δέχεται καθ' ὅλην τὴν ἡμέραν.

58 — Ὁδὸς Ἀθηνᾶς — 58 (Παραπλεύρως Ἁγίας Κυριακῆς)

ΜΑΘΗΜΑΤΑ ΑΓΓΛΙΚΗΣ

ΥΠΟ ΑΓΓΛΟΥ ΔΙΔΑΣΚΑΛΟΥ «Ὁδὸς Βαλαωρίτου 21»

Πρὸς τοὺς ἑτοιμαζομένους διὰ τὰ διάφορα λουτρὰ καὶ τοὺς χρονίως πάσχοντας ἐν γένει

Αἱ χρόνιαι νόσοι, οἷον χρόνιος ῥευματισμός, παλμοί, ἄσθμα, βρογχίτις, ὀσφυαλγίαι, ἰσχυαλγία, νευρασθένεια, δυσπεψία, ἀτονία, ἀναιμία, ἀμνησία, χλώρωσις, παραλυσίαι κτλ. θεραπεύονται ῥιζικῶς.

Θεραπευτήριον ἀνοικτὸν ἀπὸ πρωΐας μέχρι νυκτός. Ἐπὶ τῆς ὁδοῦ Σοφοκλέους.

Ν. Η. Μπαλάς (ἰατρός) (Ὁδὸς Κάνιγγος 11 Β)

ΛΟΥΤΡΑ ΘΕΡΜΟΠΥΛΩΝ

Ἀπὸ τῆς 1ης Μαΐου ἤρξατο καὶ λειτουργεῖ ἡ ξενοδοχεῖα παρὰ τὰ λουτρὰ τῶν Θερμοπυλῶν. Τὸ ἐν λόγῳ λουτρόν ἐνδείκνυται κατὰ τοῦ ῥευματισμοῦ, δερματικῶν παθήσεων καὶ νευρικῶν νόσων.

Φρουρᾷ φέρει ἡ ἐπιτροπεία.

Γεγονός, ὅτι μὲ μίαν φιάλην γαλακτώματος τοῦ διασήμου Ἄραβος ἰατροῦ Ῥαζῆ θεραπεύονται.

Πωλεῖται εἰς ὅλα τὰ φαρμακεῖα.

Ἐν Πειραιεῖ φαρμακεῖον Λ. Δεύτα
